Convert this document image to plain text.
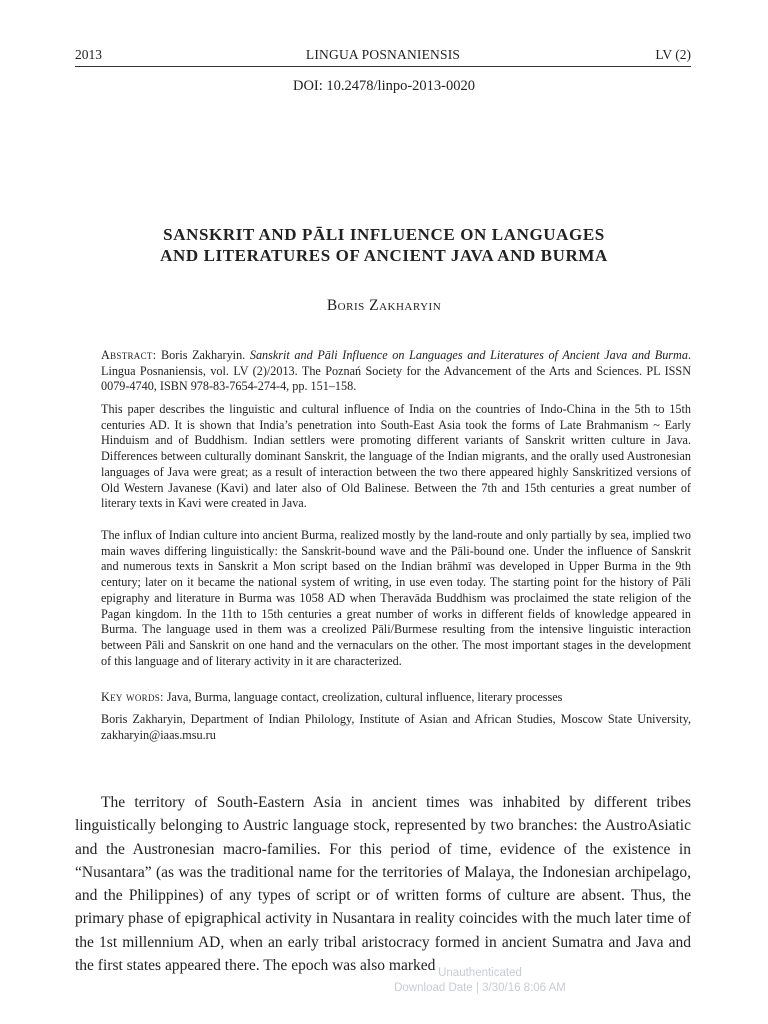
LINGUA POSNANIENSIS
2013	LV (2)
DOI: 10.2478/linpo-2013-0020
SANSKRIT AND PĀLI INFLUENCE ON LANGUAGES
AND LITERATURES OF ANCIENT JAVA AND BURMA
Boris Zakharyin
Abstract: Boris Zakharyin. Sanskrit and Pāli Influence on Languages and Literatures of Ancient Java and Burma. Lingua Posnaniensis, vol. LV (2)/2013. The Poznań Society for the Advancement of the Arts and Sciences. PL ISSN 0079-4740, ISBN 978-83-7654-274-4, pp. 151–158.
This paper describes the linguistic and cultural influence of India on the countries of Indo-China in the 5th to 15th centuries AD. It is shown that India’s penetration into South-East Asia took the forms of Late Brahmanism ~ Early Hinduism and of Buddhism. Indian settlers were promoting different variants of Sanskrit written culture in Java. Differences between culturally dominant Sanskrit, the language of the Indian migrants, and the orally used Austronesian languages of Java were great; as a result of interaction between the two there appeared highly Sanskritized versions of Old Western Javanese (Kavi) and later also of Old Balinese. Between the 7th and 15th centuries a great number of literary texts in Kavi were created in Java.
The influx of Indian culture into ancient Burma, realized mostly by the land-route and only partially by sea, implied two main waves differing linguistically: the Sanskrit-bound wave and the Pāli-bound one. Under the influence of Sanskrit and numerous texts in Sanskrit a Mon script based on the Indian brāhmī was developed in Upper Burma in the 9th century; later on it became the national system of writing, in use even today. The starting point for the history of Pāli epigraphy and literature in Burma was 1058 AD when Theravāda Buddhism was proclaimed the state religion of the Pagan kingdom. In the 11th to 15th centuries a great number of works in different fields of knowledge appeared in Burma. The language used in them was a creolized Pāli/Burmese resulting from the intensive linguistic interaction between Pāli and Sanskrit on one hand and the vernaculars on the other. The most important stages in the development of this language and of literary activity in it are characterized.
Key words: Java, Burma, language contact, creolization, cultural influence, literary processes
Boris Zakharyin, Department of Indian Philology, Institute of Asian and African Studies, Moscow State University, zakharyin@iaas.msu.ru
The territory of South-Eastern Asia in ancient times was inhabited by different tribes linguistically belonging to Austric language stock, represented by two branches: the AustroAsiatic and the Austronesian macro-families. For this period of time, evidence of the existence in “Nusantara” (as was the traditional name for the territories of Malaya, the Indonesian archipelago, and the Philippines) of any types of script or of written forms of culture are absent. Thus, the primary phase of epigraphical activity in Nusantara in reality coincides with the much later time of the 1st millennium AD, when an early tribal aristocracy formed in ancient Sumatra and Java and the first states appeared there. The epoch was also marked Unauthenticated
Download Date | 3/30/16 8:06 AM
